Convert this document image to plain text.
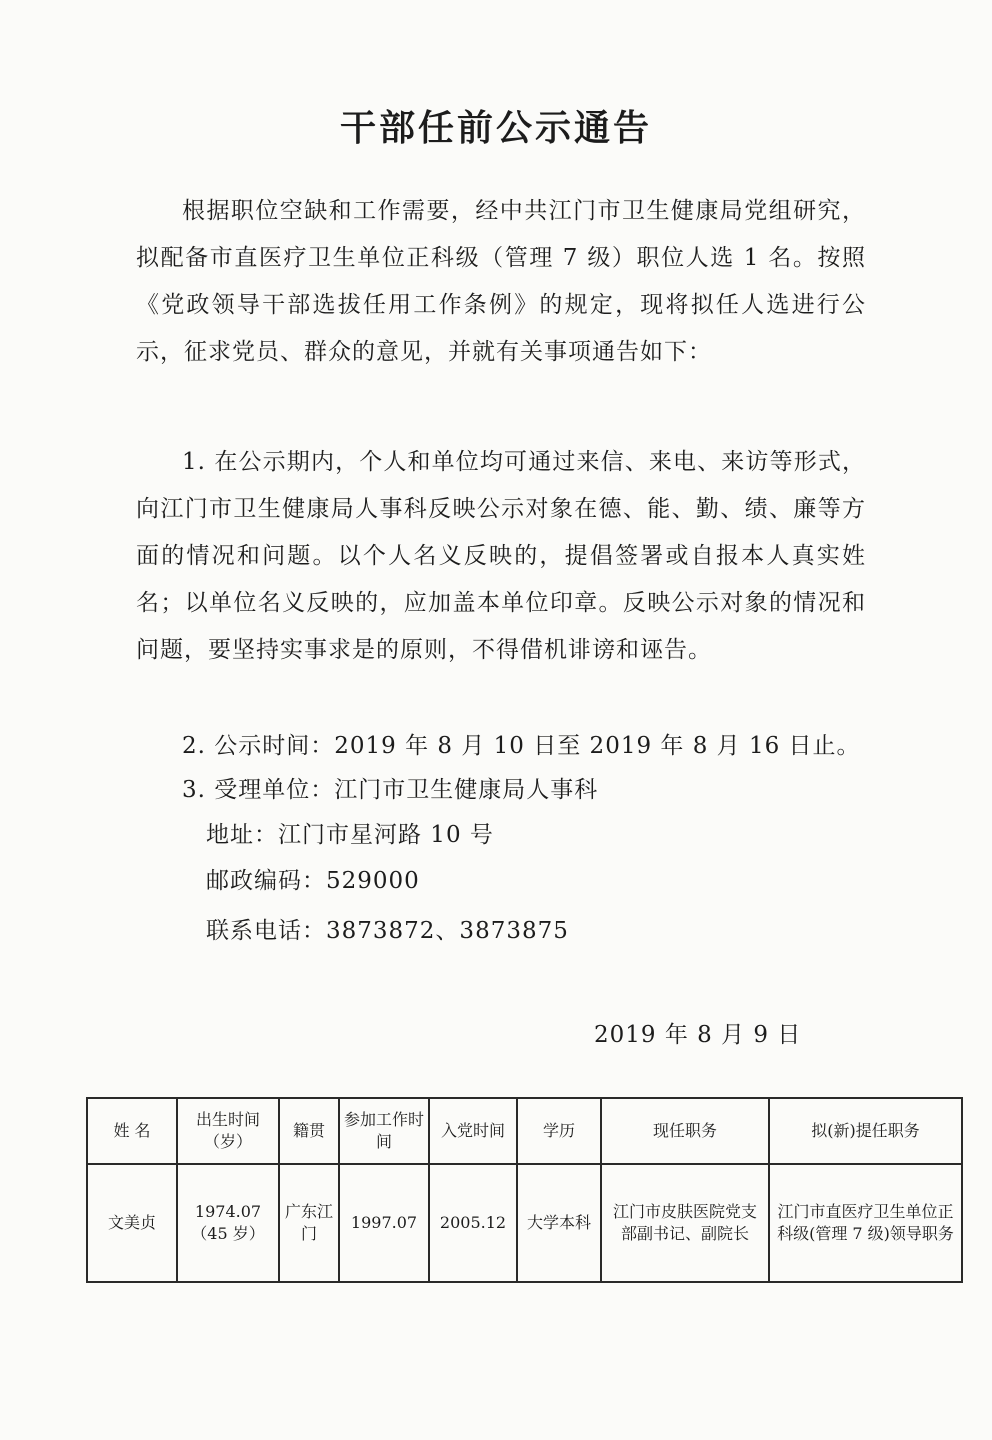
干部任前公示通告
根据职位空缺和工作需要，经中共江门市卫生健康局党组研究，拟配备市直医疗卫生单位正科级（管理 7 级）职位人选 1 名。按照《党政领导干部选拔任用工作条例》的规定，现将拟任人选进行公示，征求党员、群众的意见，并就有关事项通告如下：
1. 在公示期内，个人和单位均可通过来信、来电、来访等形式，向江门市卫生健康局人事科反映公示对象在德、能、勤、绩、廉等方面的情况和问题。以个人名义反映的，提倡签署或自报本人真实姓名；以单位名义反映的，应加盖本单位印章。反映公示对象的情况和问题，要坚持实事求是的原则，不得借机诽谤和诬告。
2. 公示时间：2019 年 8 月 10 日至 2019 年 8 月 16 日止。
3. 受理单位：江门市卫生健康局人事科
地址：江门市星河路 10 号
邮政编码：529000
联系电话：3873872、3873875
2019 年 8 月 9 日
姓 名	出生时间（岁）	籍贯	参加工作时间	入党时间	学历	现任职务	拟(新)提任职务
文美贞	1974.07（45 岁）	广东江门	1997.07	2005.12	大学本科	江门市皮肤医院党支部副书记、副院长	江门市直医疗卫生单位正科级(管理 7 级)领导职务
